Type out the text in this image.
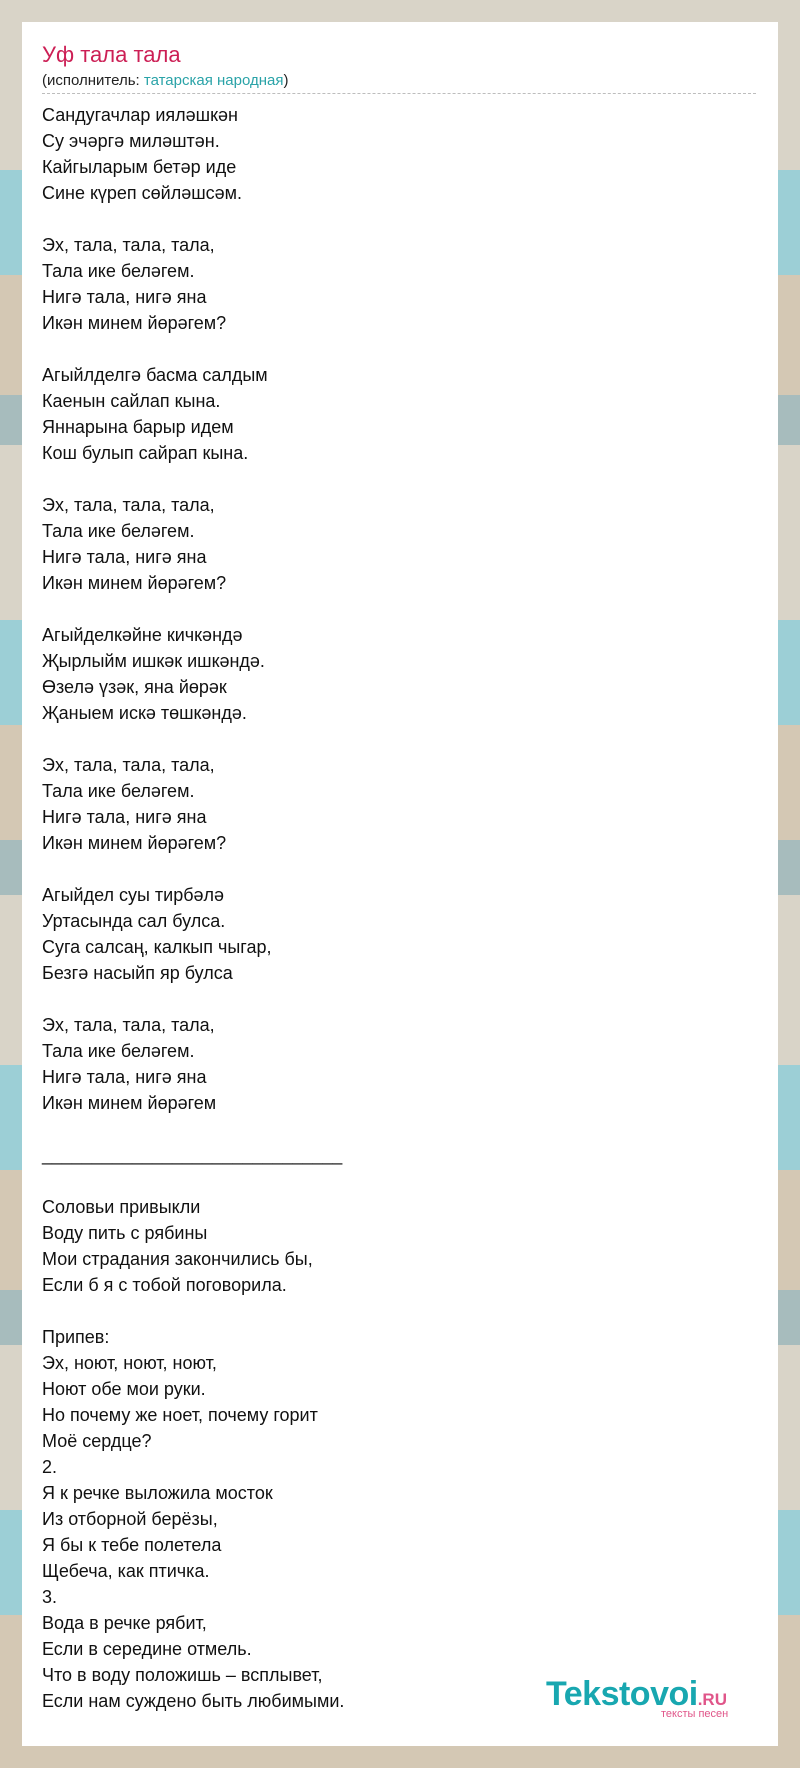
Уф тала тала
(исполнитель: татарская народная)
Сандугачлар иялəшкəн
Су эчəргə милəштəн.
Кайгыларым бетəр иде
Сине күреп сөйлəшсəм.
Эх, тала, тала, тала,
Тала ике белəгем.
Нигə тала, нигə яна
Икəн минем йөрəгем?
Агыйлделгə басма салдым
Каенын сайлап кына.
Яннарына барыр идем
Кош булып сайрап кына.
Эх, тала, тала, тала,
Тала ике белəгем.
Нигə тала, нигə яна
Икəн минем йөрəгем?
Агыйделкəйне кичкəндə
Җырлыйм ишкəк ишкəндə.
Өзелə үзəк, яна йөрəк
Җаныем искə төшкəндə.
Эх, тала, тала, тала,
Тала ике белəгем.
Нигə тала, нигə яна
Икəн минем йөрəгем?
Агыйдел суы тирбəлə
Уртасында сал булса.
Суга салсаң, калкып чыгар,
Безгə насыйп яр булса
Эх, тала, тала, тала,
Тала ике белəгем.
Нигə тала, нигə яна
Икəн минем йөрəгем
______________________________
Соловьи привыкли
Воду пить с рябины
Мои страдания закончились бы,
Если б я с тобой поговорила.
Припев:
Эх, ноют, ноют, ноют,
Ноют обе мои руки.
Но почему же ноет, почему горит
Моё сердце?
2.
Я к речке выложила мосток
Из отборной берёзы,
Я бы к тебе полетела
Щебеча, как птичка.
3.
Вода в речке рябит,
Если в середине отмель.
Что в воду положишь – всплывет,
Если нам суждено быть любимыми.	Tekstovoi.RU
тексты песен
